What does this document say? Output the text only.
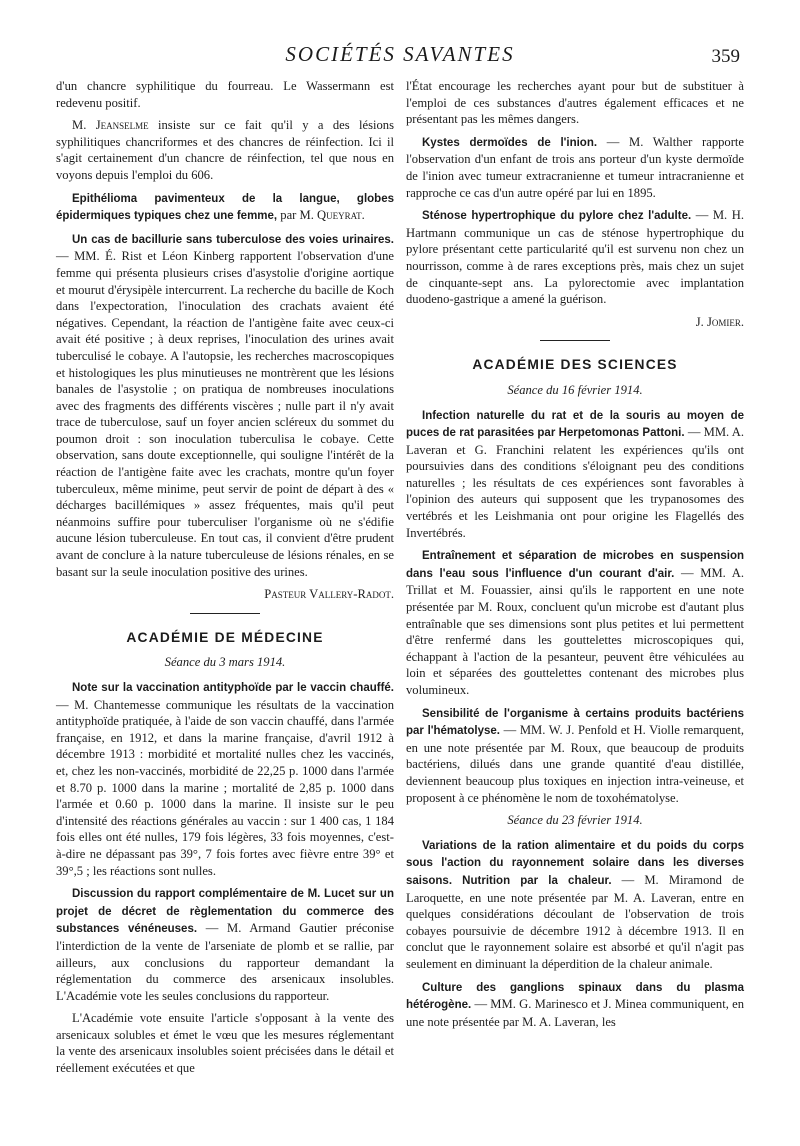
SOCIÉTÉS SAVANTES	359

d'un chancre syphilitique du fourreau. Le Wassermann est redevenu positif.

M. Jeanselme insiste sur ce fait qu'il y a des lésions syphilitiques chancriformes et des chancres de réinfection. Ici il s'agit certainement d'un chancre de réinfection, tel que nous en voyons depuis l'emploi du 606.

Epithélioma pavimenteux de la langue, globes épidermiques typiques chez une femme, par M. Queyrat.

Un cas de bacillurie sans tuberculose des voies urinaires. — MM. É. Rist et Léon Kinberg rapportent l'observation d'une femme qui présenta plusieurs crises d'asystolie d'origine aortique et mourut d'érysipèle intercurrent. La recherche du bacille de Koch dans l'expectoration, l'inoculation des crachats avaient été négatives. Cependant, la réaction de l'antigène faite avec ceux-ci avait été positive ; à deux reprises, l'inoculation des urines avait tuberculisé le cobaye. A l'autopsie, les recherches macroscopiques et histologiques les plus minutieuses ne montrèrent que les lésions banales de l'asystolie ; on pratiqua de nombreuses inoculations avec des fragments des différents viscères ; nulle part il n'y avait trace de tuberculose, sauf un foyer ancien scléreux du sommet du poumon droit : son inoculation tuberculisa le cobaye. Cette observation, sans doute exceptionnelle, qui souligne l'intérêt de la réaction de l'antigène faite avec les crachats, montre qu'un foyer tuberculeux, même minime, peut servir de point de départ à des « décharges bacillémiques » assez fréquentes, mais qu'il peut néanmoins suffire pour tuberculiser l'organisme où ne s'édifie aucune lésion tuberculeuse. En tout cas, il convient d'être prudent avant de conclure à la nature tuberculeuse de lésions rénales, en se basant sur la seule inoculation positive des urines.

Pasteur Vallery-Radot.
ACADÉMIE DE MÉDECINE
Séance du 3 mars 1914.

Note sur la vaccination antityphoïde par le vaccin chauffé. — M. Chantemesse communique les résultats de la vaccination antityphoïde pratiquée, à l'aide de son vaccin chauffé, dans l'armée française, en 1912, et dans la marine française, d'avril 1912 à décembre 1913 : morbidité et mortalité nulles chez les vaccinés, et, chez les non-vaccinés, morbidité de 22,25 p. 1000 dans l'armée et 8.70 p. 1000 dans la marine ; mortalité de 2,85 p. 1000 dans l'armée et 0.60 p. 1000 dans la marine. Il insiste sur le peu d'intensité des réactions générales au vaccin : sur 1 400 cas, 1 184 fois elles ont été nulles, 179 fois légères, 33 fois moyennes, c'est-à-dire ne dépassant pas 39°, 7 fois fortes avec fièvre entre 39° et 39°,5 ; les réactions sont nulles.

Discussion du rapport complémentaire de M. Lucet sur un projet de décret de règlementation du commerce des substances vénéneuses. — M. Armand Gautier préconise l'interdiction de la vente de l'arseniate de plomb et se rallie, par ailleurs, aux conclusions du rapporteur demandant la réglementation du commerce des arsenicaux insolubles. L'Académie vote les seules conclusions du rapporteur.

L'Académie vote ensuite l'article s'opposant à la vente des arsenicaux solubles et émet le vœu que les mesures réglementant la vente des arsenicaux insolubles soient précisées dans le détail et réellement exécutées et que

l'État encourage les recherches ayant pour but de substituer à l'emploi de ces substances d'autres également efficaces et ne présentant pas les mêmes dangers.

Kystes dermoïdes de l'inion. — M. Walther rapporte l'observation d'un enfant de trois ans porteur d'un kyste dermoïde de l'inion avec tumeur extracranienne et tumeur intracranienne et rapproche ce cas d'un autre opéré par lui en 1895.

Sténose hypertrophique du pylore chez l'adulte. — M. H. Hartmann communique un cas de sténose hypertrophique du pylore présentant cette particularité qu'il est survenu non chez un nourrisson, comme à de rares exceptions près, mais chez un sujet de cinquante-sept ans. La pylorectomie avec implantation duodeno-gastrique a amené la guérison.

J. Jomier.
ACADÉMIE DES SCIENCES
Séance du 16 février 1914.

Infection naturelle du rat et de la souris au moyen de puces de rat parasitées par Herpetomonas Pattoni. — MM. A. Laveran et G. Franchini relatent les expériences qu'ils ont poursuivies dans des conditions s'éloignant peu des conditions naturelles ; les résultats de ces expériences sont favorables à l'opinion des auteurs qui supposent que les trypanosomes des vertébrés et les Leishmania ont pour origine les Flagellés des Invertébrés.

Entraînement et séparation de microbes en suspension dans l'eau sous l'influence d'un courant d'air. — MM. A. Trillat et M. Fouassier, ainsi qu'ils le rapportent en une note présentée par M. Roux, concluent qu'un microbe est d'autant plus entraînable que ses dimensions sont plus petites et lui permettent d'être renfermé dans les gouttelettes microscopiques qui, échappant à l'action de la pesanteur, peuvent être véhiculées au loin et séparées des gouttelettes contenant des microbes plus volumineux.

Sensibilité de l'organisme à certains produits bactériens par l'hématolyse. — MM. W. J. Penfold et H. Violle remarquent, en une note présentée par M. Roux, que beaucoup de produits bactériens, dilués dans une grande quantité d'eau distillée, deviennent beaucoup plus toxiques en injection intra-veineuse, et proposent à ce phénomène le nom de toxohématolyse.

Séance du 23 février 1914.

Variations de la ration alimentaire et du poids du corps sous l'action du rayonnement solaire dans les diverses saisons. Nutrition par la chaleur. — M. Miramond de Laroquette, en une note présentée par M. A. Laveran, entre en quelques considérations découlant de l'observation de trois cobayes poursuivie de décembre 1912 à décembre 1913. Il en conclut que le rayonnement solaire est absorbé et qu'il n'agit pas seulement en diminuant la déperdition de la chaleur animale.

Culture des ganglions spinaux dans du plasma hétérogène. — MM. G. Marinesco et J. Minea communiquent, en une note présentée par M. A. Laveran, les
